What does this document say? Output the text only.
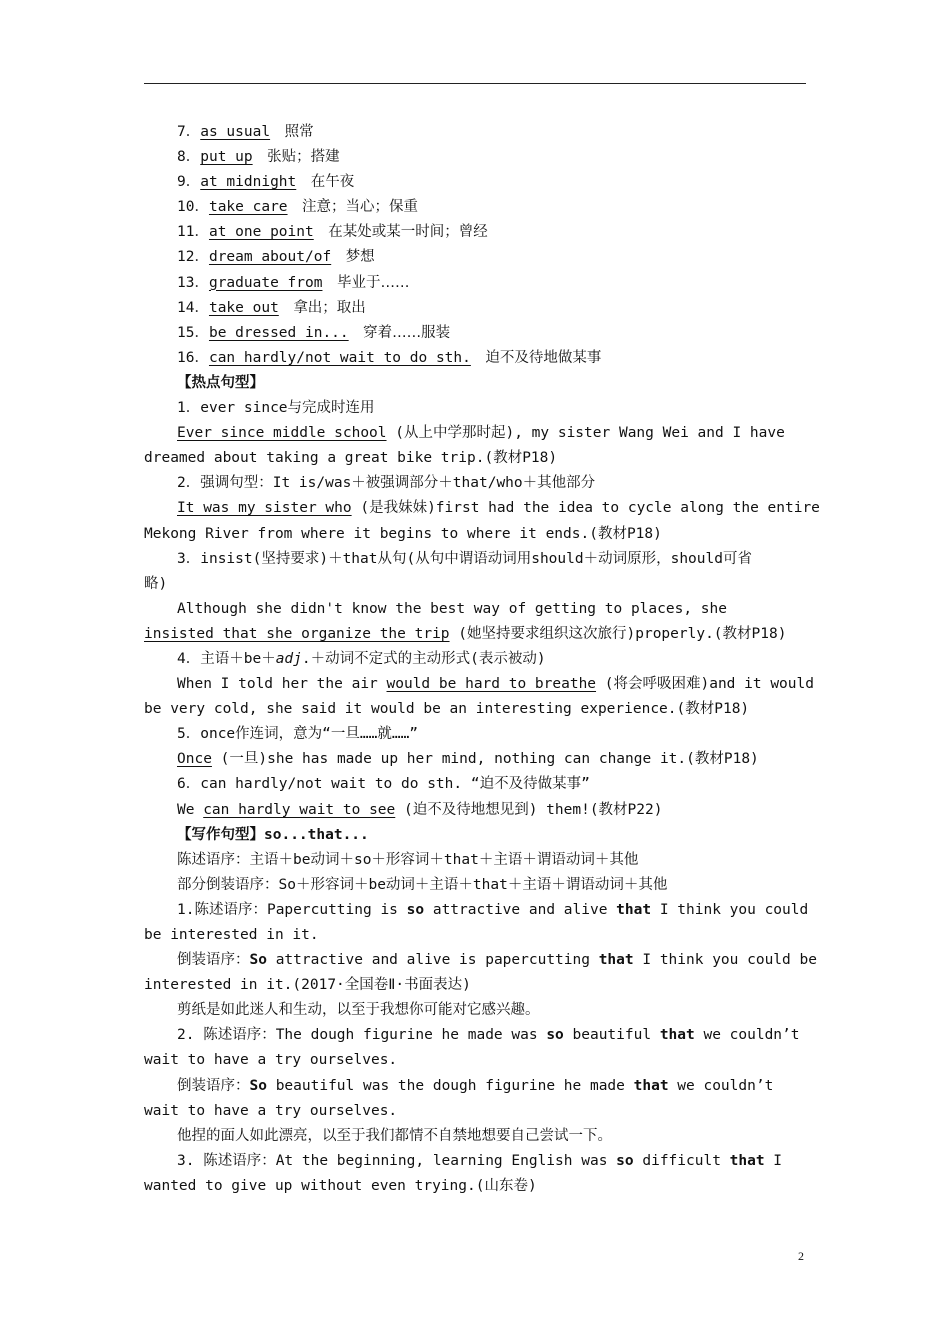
7．as usual　 照常
8．put up　 张贴；搭建
9．at midnight　 在午夜
10．take care　 注意；当心；保重
11．at one point　 在某处或某一时间；曾经
12．dream about/of　 梦想
13．graduate from　 毕业于……
14．take out　 拿出；取出
15．be dressed in...　 穿着……服装
16．can hardly/not wait to do sth.　 迫不及待地做某事
【热点句型】
1．ever since与完成时连用
Ever since middle school (从上中学那时起), my sister Wang Wei and I have
dreamed about taking a great bike trip.(教材P18)
2．强调句型：It is/was＋被强调部分＋that/who＋其他部分
It was my sister who (是我妹妹)first had the idea to cycle along the entire
Mekong River from where it begins to where it ends.(教材P18)
3．insist(坚持要求)＋that从句(从句中谓语动词用should＋动词原形，should可省
略)
Although she didn't know the best way of getting to places, she
insisted that she organize the trip (她坚持要求组织这次旅行)properly.(教材P18)
4．主语＋be＋adj.＋动词不定式的主动形式(表示被动)
When I told her the air would be hard to breathe (将会呼吸困难)and it would
be very cold, she said it would be an interesting experience.(教材P18)
5．once作连词，意为“一旦……就……”
Once (一旦)she has made up her mind, nothing can change it.(教材P18)
6．can hardly/not wait to do sth. “迫不及待做某事”
We can hardly wait to see (迫不及待地想见到) them!(教材P22)
【写作句型】so...that...
陈述语序：主语＋be动词＋so＋形容词＋that＋主语＋谓语动词＋其他
部分倒装语序：So＋形容词＋be动词＋主语＋that＋主语＋谓语动词＋其他
1.陈述语序：Papercutting is so attractive and alive that I think you could
be interested in it.
倒装语序：So attractive and alive is papercutting that I think you could be
interested in it.(2017·全国卷Ⅱ·书面表达)
剪纸是如此迷人和生动，以至于我想你可能对它感兴趣。
2. 陈述语序：The dough figurine he made was so beautiful that we couldn’t
wait to have a try ourselves.
倒装语序：So beautiful was the dough figurine he made that we couldn’t
wait to have a try ourselves.
他捏的面人如此漂亮，以至于我们都情不自禁地想要自己尝试一下。
3. 陈述语序：At the beginning, learning English was so difficult that I
wanted to give up without even trying.(山东卷)
2
